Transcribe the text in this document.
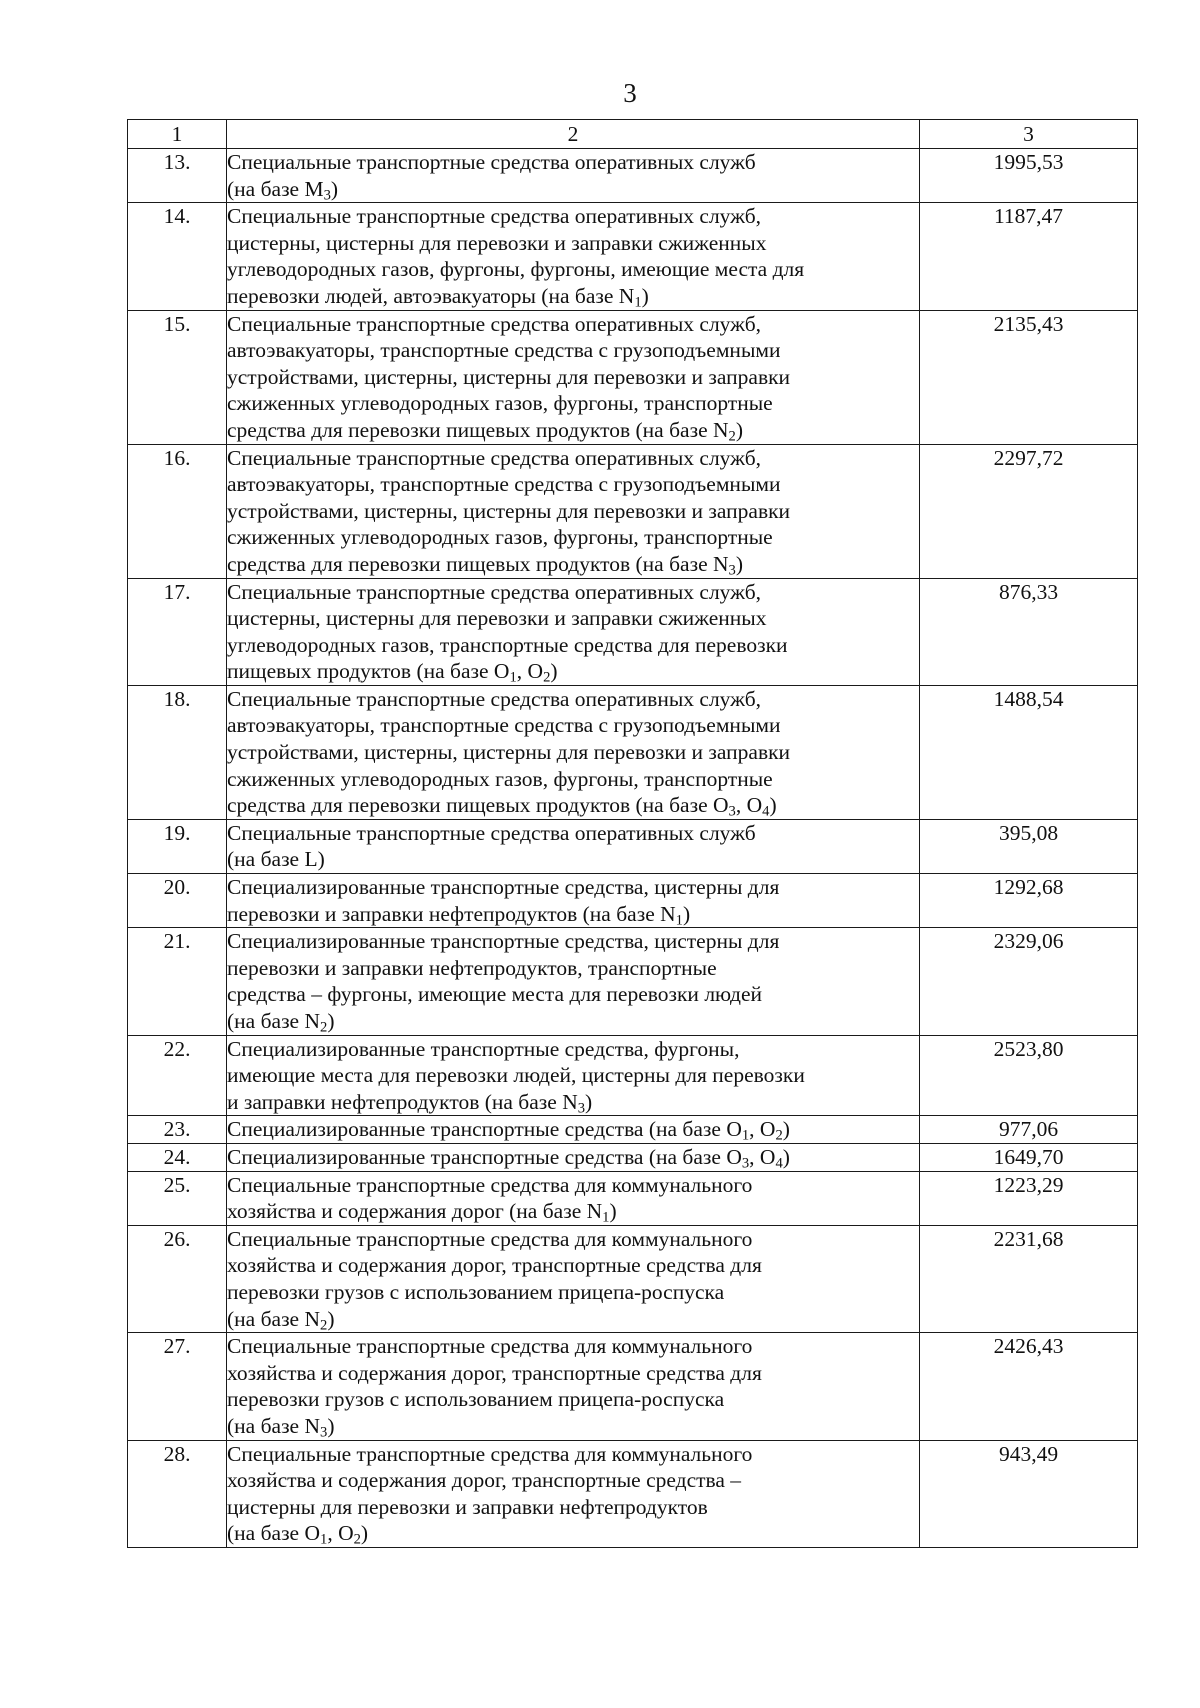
3
1	2	3
13.	Специальные транспортные средства оперативных служб
(на базе $M_3$)	1995,53
14.	Специальные транспортные средства оперативных служб,
цистерны, цистерны для перевозки и заправки сжиженных
углеводородных газов, фургоны, фургоны, имеющие места для
перевозки людей, автоэвакуаторы (на базе $N_1$)	1187,47
15.	Специальные транспортные средства оперативных служб,
автоэвакуаторы, транспортные средства с грузоподъемными
устройствами, цистерны, цистерны для перевозки и заправки
сжиженных углеводородных газов, фургоны, транспортные
средства для перевозки пищевых продуктов (на базе $N_2$)	2135,43
16.	Специальные транспортные средства оперативных служб,
автоэвакуаторы, транспортные средства с грузоподъемными
устройствами, цистерны, цистерны для перевозки и заправки
сжиженных углеводородных газов, фургоны, транспортные
средства для перевозки пищевых продуктов (на базе $N_3$)	2297,72
17.	Специальные транспортные средства оперативных служб,
цистерны, цистерны для перевозки и заправки сжиженных
углеводородных газов, транспортные средства для перевозки
пищевых продуктов (на базе $O_1$, $O_2$)	876,33
18.	Специальные транспортные средства оперативных служб,
автоэвакуаторы, транспортные средства с грузоподъемными
устройствами, цистерны, цистерны для перевозки и заправки
сжиженных углеводородных газов, фургоны, транспортные
средства для перевозки пищевых продуктов (на базе $O_3$, $O_4$)	1488,54
19.	Специальные транспортные средства оперативных служб
(на базе L)	395,08
20.	Специализированные транспортные средства, цистерны для
перевозки и заправки нефтепродуктов (на базе $N_1$)	1292,68
21.	Специализированные транспортные средства, цистерны для
перевозки и заправки нефтепродуктов, транспортные
средства – фургоны, имеющие места для перевозки людей
(на базе $N_2$)	2329,06
22.	Специализированные транспортные средства, фургоны,
имеющие места для перевозки людей, цистерны для перевозки
и заправки нефтепродуктов (на базе $N_3$)	2523,80
23.	Специализированные транспортные средства (на базе $O_1$, $O_2$)	977,06
24.	Специализированные транспортные средства (на базе $O_3$, $O_4$)	1649,70
25.	Специальные транспортные средства для коммунального
хозяйства и содержания дорог (на базе $N_1$)	1223,29
26.	Специальные транспортные средства для коммунального
хозяйства и содержания дорог, транспортные средства для
перевозки грузов с использованием прицепа-роспуска
(на базе $N_2$)	2231,68
27.	Специальные транспортные средства для коммунального
хозяйства и содержания дорог, транспортные средства для
перевозки грузов с использованием прицепа-роспуска
(на базе $N_3$)	2426,43
28.	Специальные транспортные средства для коммунального
хозяйства и содержания дорог, транспортные средства –
цистерны для перевозки и заправки нефтепродуктов
(на базе $O_1$, $O_2$)	943,49
